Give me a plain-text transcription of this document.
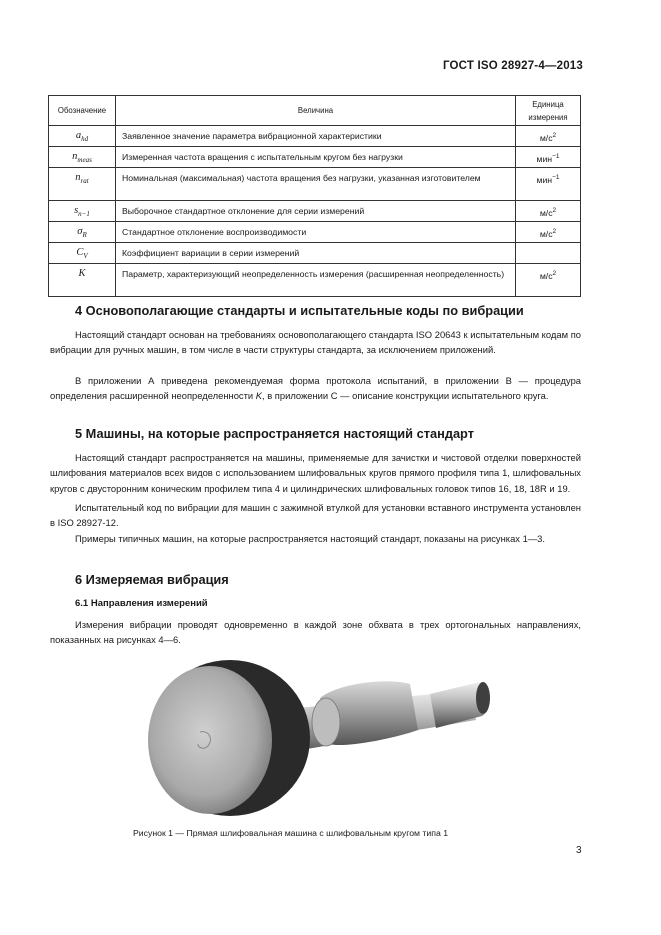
ГОСТ ISO 28927-4—2013
Обозначение	Величина	Единица
измерения
$a_{hd}$	Заявленное значение параметра вибрационной характеристики	$м/с^2$
$n_{meas}$	Измеренная частота вращения с испытательным кругом без нагрузки	мин$^{-1}$
$n_{rat}$	Номинальная (максимальная) частота вращения без нагрузки, указанная изготовителем	мин$^{-1}$
$s_{n-1}$	Выборочное стандартное отклонение для серии измерений	$м/с^2$
$\sigma_R$	Стандартное отклонение воспроизводимости	$м/с^2$
$C_V$	Коэффициент вариации в серии измерений	
K	Параметр, характеризующий неопределенность измерения (расширенная неопределенность)	$м/с^2$
4 Основополагающие стандарты и испытательные коды по вибрации

Настоящий стандарт основан на требованиях основополагающего стандарта ISO 20643 к испытательным кодам по вибрации для ручных машин, в том числе в части структуры стандарта, за исключением приложений.

В приложении А приведена рекомендуемая форма протокола испытаний, в приложении В — процедура определения расширенной неопределенности K, в приложении С — описание конструкции испытательного круга.

5 Машины, на которые распространяется настоящий стандарт

Настоящий стандарт распространяется на машины, применяемые для зачистки и чистовой отделки поверхностей шлифования материалов всех видов с использованием шлифовальных кругов прямого профиля типа 1, шлифовальных кругов с двусторонним коническим профилем типа 4 и цилиндрических шлифовальных головок типов 16, 18, 18R и 19.

Испытательный код по вибрации для машин с зажимной втулкой для установки вставного инструмента установлен в ISO 28927-12.

Примеры типичных машин, на которые распространяется настоящий стандарт, показаны на рисунках 1—3.

6 Измеряемая вибрация
6.1 Направления измерений

Измерения вибрации проводят одновременно в каждой зоне обхвата в трех ортогональных направлениях, показанных на рисунках 4—6.

Рисунок 1 — Прямая шлифовальная машина с шлифовальным кругом типа 1
3
